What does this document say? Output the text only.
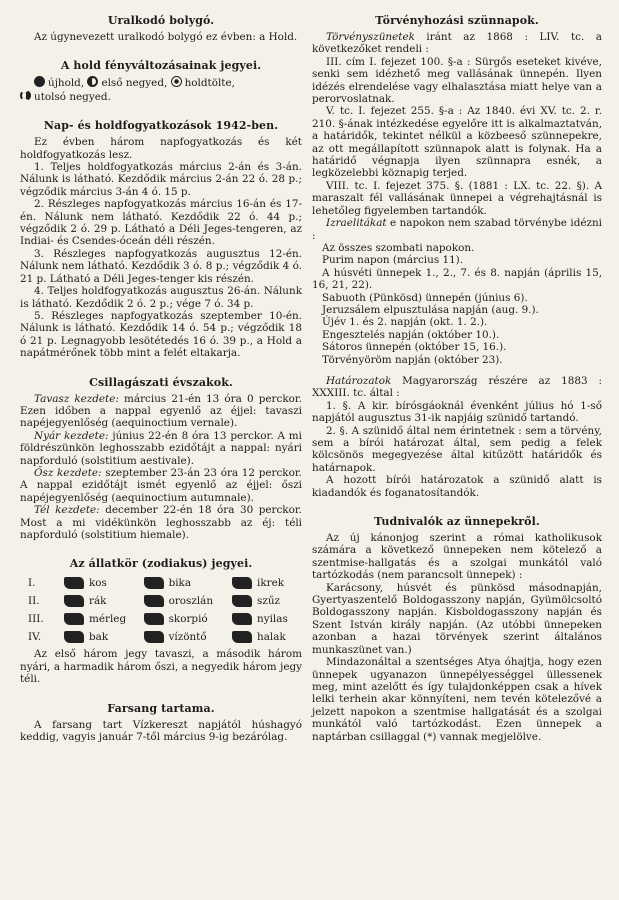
Uralkodó bolygó.

Az úgynevezett uralkodó bolygó ez évben: a Hold.

A hold fényváltozásainak jegyei.

újhold, első negyed, holdtölte,

utolsó negyed.

Nap- és holdfogyatkozások 1942-ben.

Ez évben három napfogyatkozás és két holdfogyatkozás lesz.

1. Teljes holdfogyatkozás március 2-án és 3-án. Nálunk is látható. Kezdődik március 2-án 22 ó. 28 p.; végződik március 3-án 4 ó. 15 p.

2. Részleges napfogyatkozás március 16-án és 17-én. Nálunk nem látható. Kezdődik 22 ó. 44 p.; végződik 2 ó. 29 p. Látható a Déli Jeges-tengeren, az Indiai- és Csendes-óceán déli részén.

3. Részleges napfogyatkozás augusztus 12-én. Nálunk nem látható. Kezdődik 3 ó. 8 p.; végződik 4 ó. 21 p. Látható a Déli Jeges-tenger kis részén.

4. Teljes holdfogyatkozás augusztus 26-án. Nálunk is látható. Kezdődik 2 ó. 2 p.; vége 7 ó. 34 p.

5. Részleges napfogyatkozás szeptember 10-én. Nálunk is látható. Kezdődik 14 ó. 54 p.; végződik 18 ó 21 p. Legnagyobb lesötétedés 16 ó. 39 p., a Hold a napátmérőnek több mint a felét eltakarja.

Csillagászati évszakok.

Tavasz kezdete: március 21-én 13 óra 0 perckor. Ezen időben a nappal egyenlő az éjjel: tavaszi napéjegyenlőség (aequinoctium vernale).

Nyár kezdete: június 22-én 8 óra 13 perckor. A mi földrészünkön leghosszabb ezidőtájt a nappal: nyári napforduló (solstitium aestivale).

Ősz kezdete: szeptember 23-án 23 óra 12 perckor. A nappal ezidőtájt ismét egyenlő az éjjel: őszi napéjegyenlőség (aequinoctium autumnale).

Tél kezdete: december 22-én 18 óra 30 perckor. Most a mi vidékünkön leghosszabb az éj: téli napforduló (solstitium hiemale).

Az állatkör (zodiakus) jegyei.
I.	kos	bika	ikrek
II.	rák	oroszlán	szűz
III.	mérleg	skorpió	nyilas
IV.	bak	vízöntő	halak

Az első három jegy tavaszi, a második három nyári, a harmadik három őszi, a negyedik három jegy téli.

Farsang tartama.

A farsang tart Vízkereszt napjától húshagyó keddig, vagyis január 7-től március 9-ig bezárólag.

Törvényhozási szünnapok.

Törvényszünetek iránt az 1868 : LIV. tc. a következőket rendeli :

III. cím I. fejezet 100. §-a : Sürgős eseteket kivéve, senki sem idézhető meg vallásának ünnepén. Ilyen idézés elrendelése vagy elhalasztása miatt helye van a perorvoslatnak.

V. tc. I. fejezet 255. §-a : Az 1840. évi XV. tc. 2. r. 210. §-ának intézkedése egyelőre itt is alkalmaztatván, a határidők, tekintet nélkül a közbeeső szünnepekre, az ott megállapított szünnapok alatt is folynak. Ha a határidő végnapja ilyen szünnapra esnék, a legközelebbi köznapig terjed.

VIII. tc. I. fejezet 375. §. (1881 : LX. tc. 22. §). A maraszalt fél vallásának ünnepei a végrehajtásnál is lehetőleg figyelemben tartandók.

Izraelitákat e napokon nem szabad törvénybe idézni :

Az összes szombati napokon.

Purim napon (március 11).

A húsvéti ünnepek 1., 2., 7. és 8. napján (április 15, 16, 21, 22).

Sabuoth (Pünkösd) ünnepén (június 6).

Jeruzsálem elpusztulása napján (aug. 9.).

Újév 1. és 2. napján (okt. 1. 2.).

Engesztelés napján (október 10.).

Sátoros ünnepén (október 15, 16.).

Törvényöröm napján (október 23).

Határozatok Magyarország részére az 1883 : XXXIII. tc. által :

1. §. A kir. bírósgáoknál évenként július hó 1-ső napjától augusztus 31-ik napjáig szünidő tartandó.

2. §. A szünidő által nem érintetnek : sem a törvény, sem a bírói határozat által, sem pedig a felek kölcsönös megegyezése által kitűzött határidők és határnapok.

A hozott bírói határozatok a szünidő alatt is kiadandók és foganatosítandók.

Tudnivalók az ünnepekről.

Az új kánonjog szerint a római katholikusok számára a következő ünnepeken nem kötelező a szentmise-hallgatás és a szolgai munkától való tartózkodás (nem parancsolt ünnepek) :

Karácsony, húsvét és pünkösd másodnapján, Gyertyaszentelő Boldogasszony napján, Gyümölcsoltó Boldogasszony napján. Kisboldogasszony napján és Szent István király napján. (Az utóbbi ünnepeken azonban a hazai törvények szerint általános munkaszünet van.)

Mindazonáltal a szentséges Atya óhajtja, hogy ezen ünnepek ugyanazon ünnepélyességgel üllessenek meg, mint azelőtt és így tulajdonképpen csak a hívek lelki terhein akar könnyíteni, nem tevén kötelezővé a jelzett napokon a szentmise hallgatását és a szolgai munkától való tartózkodást. Ezen ünnepek a naptárban csillaggal (*) vannak megjelölve.
